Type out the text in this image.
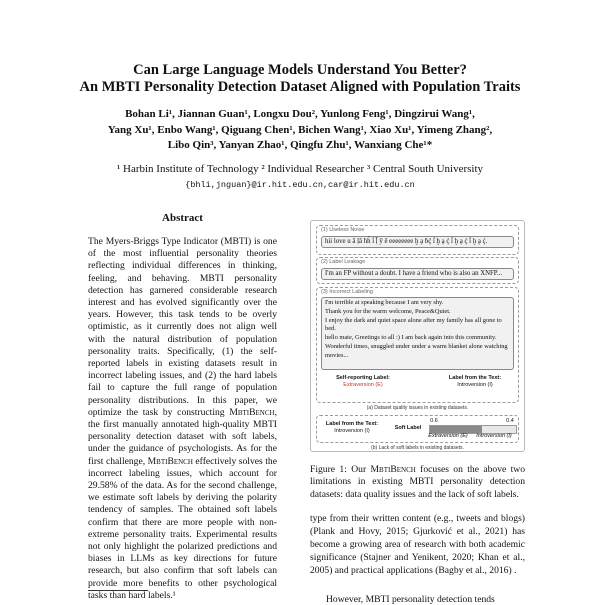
Can Large Language Models Understand You Better?
An MBTI Personality Detection Dataset Aligned with Population Traits
Bohan Li¹, Jiannan Guan¹, Longxu Dou², Yunlong Feng¹, Dingzirui Wang¹,
Yang Xu¹, Enbo Wang¹, Qiguang Chen¹, Bichen Wang¹, Xiao Xu¹, Yimeng Zhang²,
Libo Qin³, Yanyan Zhao¹, Qingfu Zhu¹, Wanxiang Che¹*
¹ Harbin Institute of Technology ² Individual Researcher ³ Central South University
{bhli,jnguan}@ir.hit.edu.cn,car@ir.hit.edu.cn
Abstract
The Myers-Briggs Type Indicator (MBTI) is one of the most influential personality theories reflecting individual differences in thinking, feeling, and behaving. MBTI personality detection has garnered considerable research interest and has evolved significantly over the years. However, this task tends to be overly optimistic, as it currently does not align well with the natural distribution of population personality traits. Specifically, (1) the self-reported labels in existing datasets result in incorrect labeling issues, and (2) the hard labels fail to capture the full range of population personality distributions. In this paper, we optimize the task by constructing MbtiBench, the first manually annotated high-quality MBTI personality detection dataset with soft labels, under the guidance of psychologists. As for the first challenge, MbtiBench effectively solves the incorrect labeling issues, which account for 29.58% of the data. As for the second challenge, we estimate soft labels by deriving the polarity tendency of samples. The obtained soft labels confirm that there are more people with non-extreme personality traits. Experimental results not only highlight the polarized predictions and biases in LLMs as key directions for future research, but also confirm that soft labels can provide more benefits to other psychological tasks than hard labels.¹
(1) Useless Noise
hii love u ā ḷā ħĥ ḯ ḹ ȳ ẽ eeeeeeee ḫ ḁ ḃḉ ḯ ḫ ḁ ḉ ḯ ḫ ḁ ḉ ḯ ḫ ḁ ḉ.
(2) Label Leakage
I'm an FP without a doubt. I have a friend who is also an XNFP...
(3) Incorrect Labeling
I'm terrible at speaking because I am very shy.
Thank you for the warm welcome, Peace&Quiet.
I enjoy the dark and quiet space alone after my family has all gone to bed.
hello mate, Greetings to all :) I am back again into this community.
Wonderful times, snuggled under under a warm blanket alone watching movies...
Self-reporting Label:
Extraversion (E)
Label from the Text:
Introversion (I)
(a) Dataset quality issues in existing datasets.
Label from the Text:
Introversion (I)	Soft Label
0.6	0.4
Extraversion (E)	Introversion (I)
(b) Lack of soft labels in existing datasets.
Figure 1: Our MbtiBench focuses on the above two limitations in existing MBTI personality detection datasets: data quality issues and the lack of soft labels.

type from their written content (e.g., tweets and blogs) (Plank and Hovy, 2015; Gjurković et al., 2021) has become a growing area of research with both academic significance (Stajner and Yenikent, 2020; Khan et al., 2005) and practical applications (Bagby et al., 2016) .

However, MBTI personality detection tends
